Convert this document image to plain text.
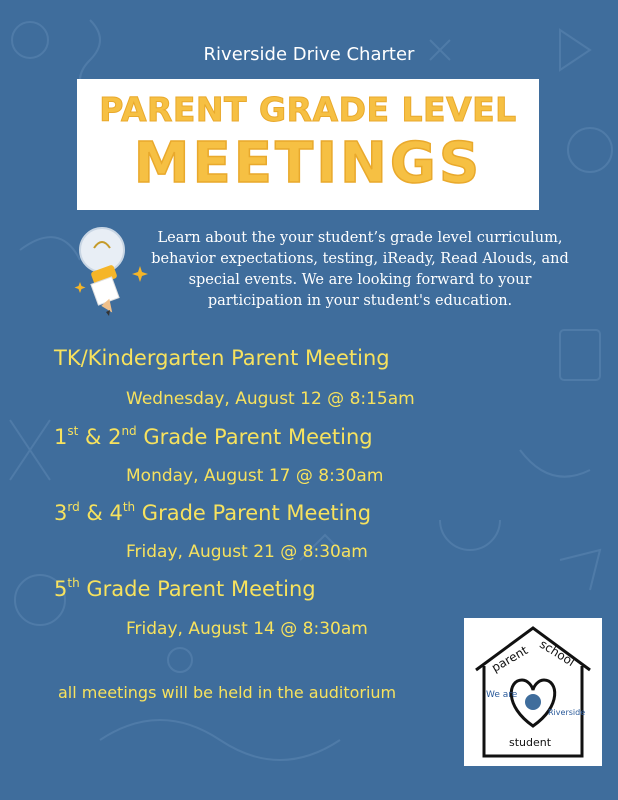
Riverside Drive Charter
PARENT GRADE LEVEL
MEETINGS
Learn about the your student’s grade level curriculum, behavior expectations, testing, iReady, Read Alouds, and special events. We are looking forward to your participation in your student's education.
TK/Kindergarten Parent Meeting
Wednesday, August 12 @ 8:15am
1st & 2nd Grade Parent Meeting
Monday, August 17 @ 8:30am
3rd & 4th Grade Parent Meeting
Friday, August 21 @ 8:30am
5th Grade Parent Meeting
Friday, August 14 @ 8:30am
all meetings will be held in the auditorium
parent school
We are
Riverside
student
